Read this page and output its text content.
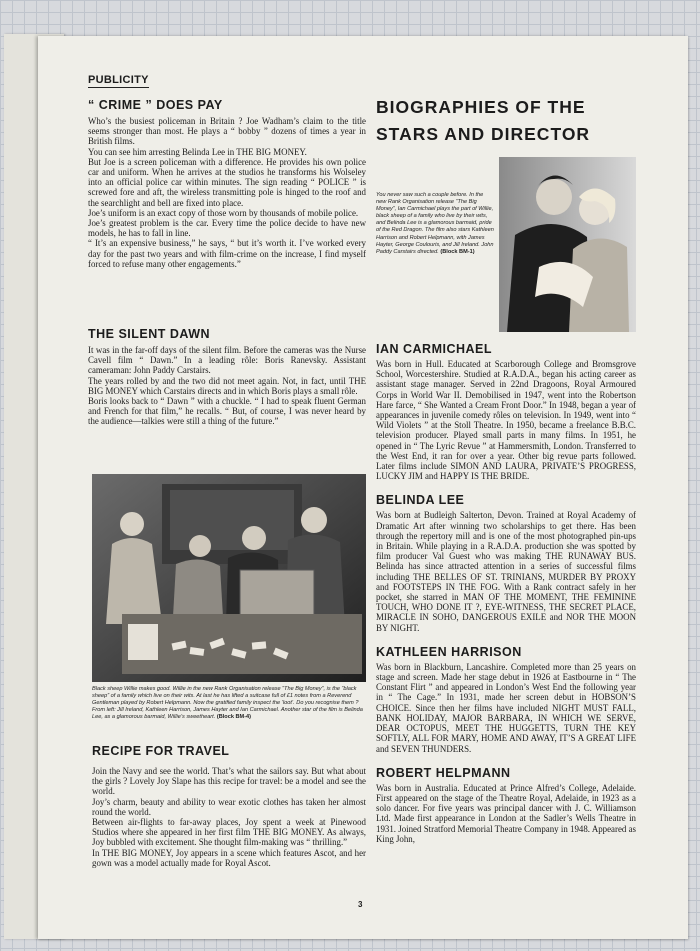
PUBLICITY
“ CRIME ” DOES PAY

Who’s the busiest policeman in Britain ? Joe Wadham’s claim to the title seems stronger than most. He plays a “ bobby ” dozens of times a year in British films.

You can see him arresting Belinda Lee in THE BIG MONEY.

But Joe is a screen policeman with a difference. He provides his own police car and uniform. When he arrives at the studios he transforms his Wolseley into an official police car within minutes. The sign reading “ POLICE ” is screwed fore and aft, the wireless transmitting pole is hinged to the roof and the searchlight and bell are fixed into place.

Joe’s uniform is an exact copy of those worn by thousands of mobile police.

Joe’s greatest problem is the car. Every time the police decide to have new models, he has to fall in line.

“ It’s an expensive business,” he says, “ but it’s worth it. I’ve worked every day for the past two years and with film-crime on the increase, I find myself forced to refuse many other engagements.”

THE SILENT DAWN

It was in the far-off days of the silent film. Before the cameras was the Nurse Cavell film “ Dawn.” In a leading rôle: Boris Ranevsky. Assistant cameraman: John Paddy Carstairs.

The years rolled by and the two did not meet again. Not, in fact, until THE BIG MONEY which Carstairs directs and in which Boris plays a small rôle.

Boris looks back to “ Dawn ” with a chuckle. “ I had to speak fluent German and French for that film,” he recalls. “ But, of course, I was never heard by the audience—talkies were still a thing of the future.”

Black sheep Willie makes good. Willie in the new Rank Organisation release “The Big Money”, is the “black sheep” of a family which live on their wits. At last he has lifted a suitcase full of £1 notes from a Reverend Gentleman played by Robert Helpmann. Now the gratified family inspect the ‘loot’. Do you recognise them ? From left: Jill Ireland, Kathleen Harrison, James Hayter and Ian Carmichael. Another star of the film is Belinda Lee, as a glamorous barmaid, Willie’s sweetheart. (Block BM-4)

RECIPE FOR TRAVEL

Join the Navy and see the world. That’s what the sailors say. But what about the girls ? Lovely Joy Slape has this recipe for travel: be a model and see the world.

Joy’s charm, beauty and ability to wear exotic clothes has taken her almost round the world.

Between air-flights to far-away places, Joy spent a week at Pinewood Studios where she appeared in her first film THE BIG MONEY. As always, Joy bubbled with excitement. She thought film-making was “ thrilling.”

In THE BIG MONEY, Joy appears in a scene which features Ascot, and her gown was a model actually made for Royal Ascot.

BIOGRAPHIES OF THE
STARS AND DIRECTOR

You never saw such a couple before. In the new Rank Organisation release “The Big Money”, Ian Carmichael plays the part of Willie, black sheep of a family who live by their wits, and Belinda Lee is a glamorous barmaid, pride of the Red Dragon. The film also stars Kathleen Harrison and Robert Helpmann, with James Hayter, George Coulouris, and Jill Ireland. John Paddy Carstairs directed. (Block BM-1)

IAN CARMICHAEL

Was born in Hull. Educated at Scarborough College and Bromsgrove School, Worcestershire. Studied at R.A.D.A., began his acting career as assistant stage manager. Served in 22nd Dragoons, Royal Armoured Corps in World War II. Demobilised in 1947, went into the Robertson Hare farce, “ She Wanted a Cream Front Door.” In 1948, began a year of appearances in juvenile comedy rôles on television. In 1949, went into “ Wild Violets ” at the Stoll Theatre. In 1950, became a freelance B.B.C. television producer. Played small parts in many films. In 1951, he opened in “ The Lyric Revue ” at Hammersmith, London. Transferred to the West End, it ran for over a year. Other big revue parts followed. Later films include SIMON AND LAURA, PRIVATE’S PROGRESS, LUCKY JIM and HAPPY IS THE BRIDE.

BELINDA LEE

Was born at Budleigh Salterton, Devon. Trained at Royal Academy of Dramatic Art after winning two scholarships to get there. Has been through the repertory mill and is one of the most photographed pin-ups in Britain. While playing in a R.A.D.A. production she was spotted by film producer Val Guest who was making THE RUNAWAY BUS. Belinda has since attracted attention in a series of successful films including THE BELLES OF ST. TRINIANS, MURDER BY PROXY and FOOTSTEPS IN THE FOG. With a Rank contract safely in her pocket, she starred in MAN OF THE MOMENT, THE FEMININE TOUCH, WHO DONE IT ?, EYE-WITNESS, THE SECRET PLACE, MIRACLE IN SOHO, DANGEROUS EXILE and NOR THE MOON BY NIGHT.

KATHLEEN HARRISON

Was born in Blackburn, Lancashire. Completed more than 25 years on stage and screen. Made her stage debut in 1926 at Eastbourne in “ The Constant Flirt ” and appeared in London’s West End the following year in “ The Cage.” In 1931, made her screen debut in HOBSON’S CHOICE. Since then her films have included NIGHT MUST FALL, BANK HOLIDAY, MAJOR BARBARA, IN WHICH WE SERVE, DEAR OCTOPUS, MEET THE HUGGETTS, TURN THE KEY SOFTLY, ALL FOR MARY, HOME AND AWAY, IT’S A GREAT LIFE and SEVEN THUNDERS.

ROBERT HELPMANN

Was born in Australia. Educated at Prince Alfred’s College, Adelaide. First appeared on the stage of the Theatre Royal, Adelaide, in 1923 as a solo dancer. For five years was principal dancer with J. C. Williamson Ltd. Made first appearance in London at the Sadler’s Wells Theatre in 1931. Joined Stratford Memorial Theatre Company in 1948. Appeared as King John,

3
